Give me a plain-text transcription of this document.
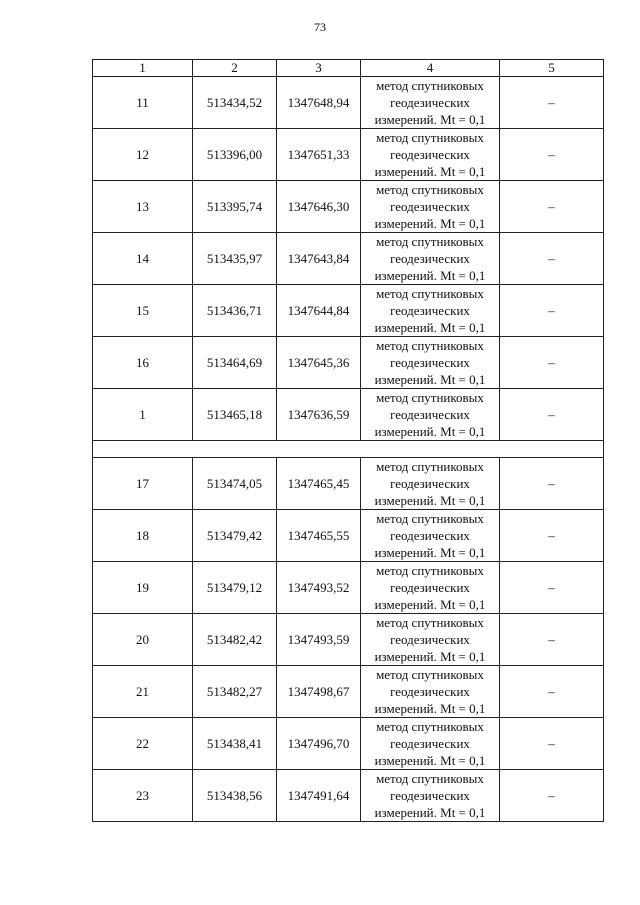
73
1	2	3	4	5
11	513434,52	1347648,94	метод спутниковых
геодезических
измерений. Mt = 0,1	–
12	513396,00	1347651,33	метод спутниковых
геодезических
измерений. Mt = 0,1	–
13	513395,74	1347646,30	метод спутниковых
геодезических
измерений. Mt = 0,1	–
14	513435,97	1347643,84	метод спутниковых
геодезических
измерений. Mt = 0,1	–
15	513436,71	1347644,84	метод спутниковых
геодезических
измерений. Mt = 0,1	–
16	513464,69	1347645,36	метод спутниковых
геодезических
измерений. Mt = 0,1	–
1	513465,18	1347636,59	метод спутниковых
геодезических
измерений. Mt = 0,1	–

17	513474,05	1347465,45	метод спутниковых
геодезических
измерений. Mt = 0,1	–
18	513479,42	1347465,55	метод спутниковых
геодезических
измерений. Mt = 0,1	–
19	513479,12	1347493,52	метод спутниковых
геодезических
измерений. Mt = 0,1	–
20	513482,42	1347493,59	метод спутниковых
геодезических
измерений. Mt = 0,1	–
21	513482,27	1347498,67	метод спутниковых
геодезических
измерений. Mt = 0,1	–
22	513438,41	1347496,70	метод спутниковых
геодезических
измерений. Mt = 0,1	–
23	513438,56	1347491,64	метод спутниковых
геодезических
измерений. Mt = 0,1	–
